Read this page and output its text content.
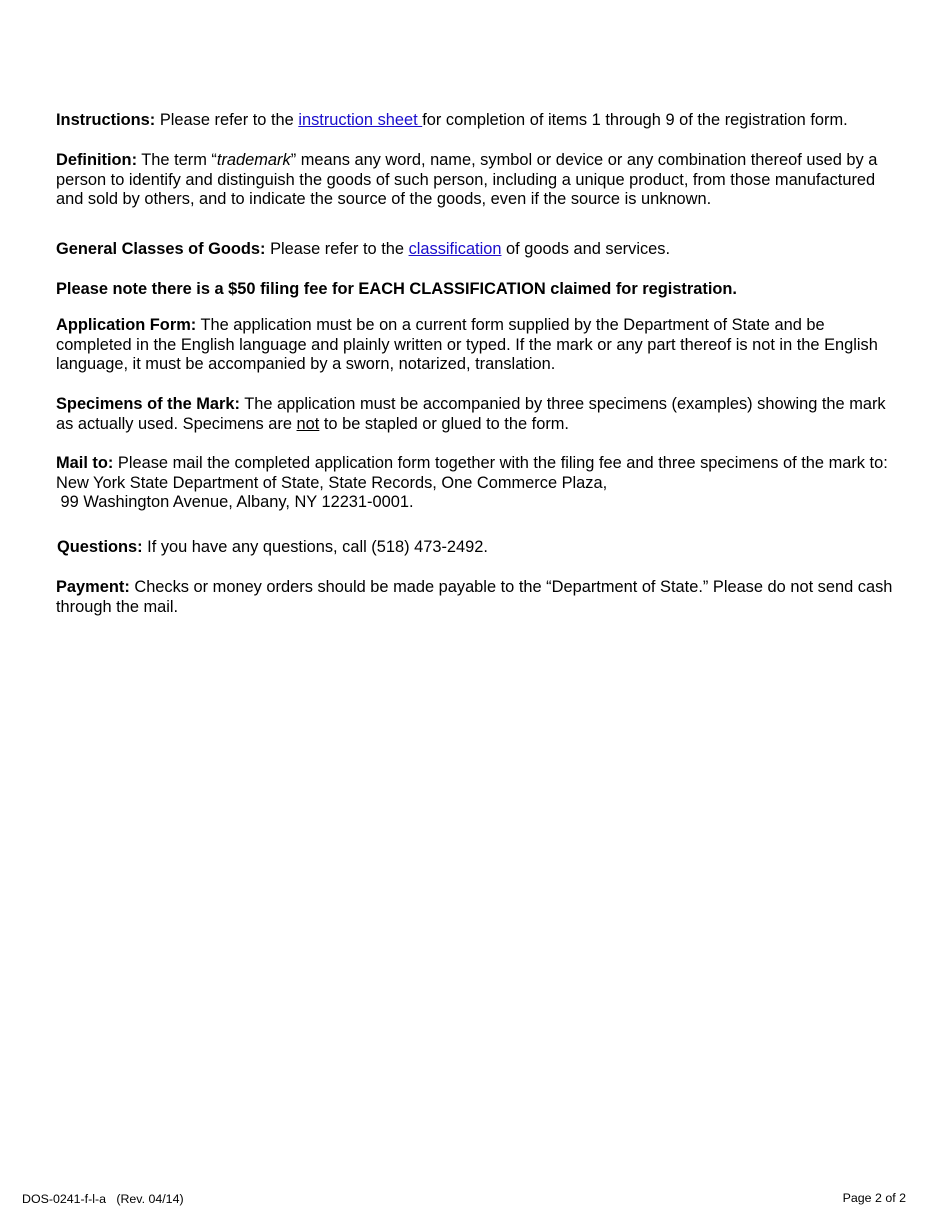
Instructions: Please refer to the instruction sheet for completion of items 1 through 9 of the registration form.

Definition: The term “trademark” means any word, name, symbol or device or any combination thereof used by a person to identify and distinguish the goods of such person, including a unique product, from those manufactured and sold by others, and to indicate the source of the goods, even if the source is unknown.

General Classes of Goods: Please refer to the classification of goods and services.

Please note there is a $50 filing fee for EACH CLASSIFICATION claimed for registration.

Application Form: The application must be on a current form supplied by the Department of State and be completed in the English language and plainly written or typed. If the mark or any part thereof is not in the English language, it must be accompanied by a sworn, notarized, translation.

Specimens of the Mark: The application must be accompanied by three specimens (examples) showing the mark as actually used. Specimens are not to be stapled or glued to the form.

Mail to: Please mail the completed application form together with the filing fee and three specimens of the mark to: New York State Department of State, State Records, One Commerce Plaza,
99 Washington Avenue, Albany, NY 12231-0001.

Questions: If you have any questions, call (518) 473-2492.

Payment: Checks or money orders should be made payable to the “Department of State.” Please do not send cash through the mail.

DOS-0241-f-l-a   (Rev. 04/14)	Page 2 of 2
